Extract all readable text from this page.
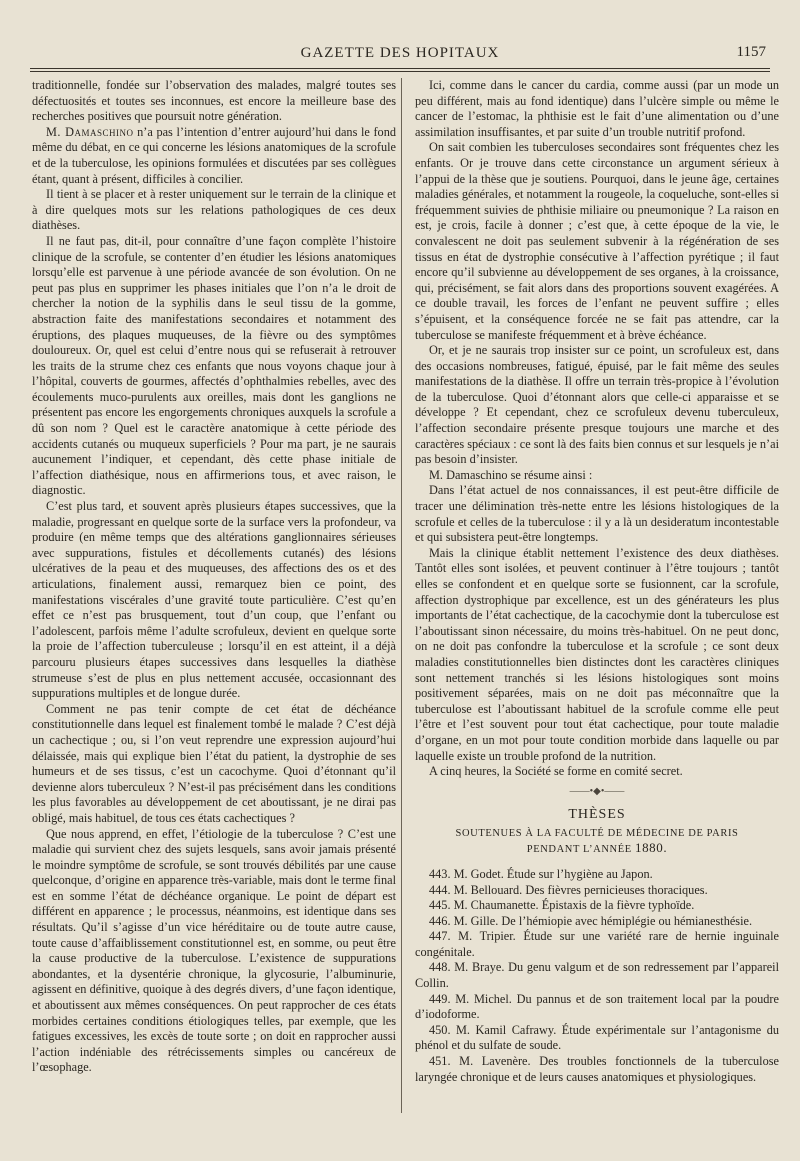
GAZETTE DES HOPITAUX	1157

traditionnelle, fondée sur l’observation des malades, malgré toutes ses défectuosités et toutes ses inconnues, est encore la meilleure base des recherches positives que poursuit notre génération.

M. Damaschino n’a pas l’intention d’entrer aujourd’hui dans le fond même du débat, en ce qui concerne les lésions anatomiques de la scrofule et de la tuberculose, les opinions formulées et discutées par ses collègues étant, quant à présent, difficiles à concilier.

Il tient à se placer et à rester uniquement sur le terrain de la clinique et à dire quelques mots sur les relations pathologiques de ces deux diathèses.

Il ne faut pas, dit-il, pour connaître d’une façon complète l’histoire clinique de la scrofule, se contenter d’en étudier les lésions anatomiques lorsqu’elle est parvenue à une période avancée de son évolution. On ne peut pas plus en supprimer les phases initiales que l’on n’a le droit de chercher la notion de la syphilis dans le seul tissu de la gomme, abstraction faite des manifestations secondaires et notamment des éruptions, des plaques muqueuses, de la fièvre ou des symptômes douloureux. Or, quel est celui d’entre nous qui se refuserait à retrouver les traits de la strume chez ces enfants que nous voyons chaque jour à l’hôpital, couverts de gourmes, affectés d’ophthalmies rebelles, avec des écoulements muco-purulents aux oreilles, mais dont les ganglions ne présentent pas encore les engorgements chroniques auxquels la scrofule a dû son nom ? Quel est le caractère anatomique à cette période des accidents cutanés ou muqueux superficiels ? Pour ma part, je ne saurais aucunement l’indiquer, et cependant, dès cette phase initiale de l’affection diathésique, nous en affirmerions tous, et avec raison, le diagnostic.

C’est plus tard, et souvent après plusieurs étapes successives, que la maladie, progressant en quelque sorte de la surface vers la profondeur, va produire (en même temps que des altérations ganglionnaires sérieuses avec suppurations, fistules et décollements cutanés) des lésions ulcératives de la peau et des muqueuses, des affections des os et des articulations, finalement aussi, remarquez bien ce point, des manifestations viscérales d’une gravité toute particulière. C’est qu’en effet ce n’est pas brusquement, tout d’un coup, que l’enfant ou l’adolescent, parfois même l’adulte scrofuleux, devient en quelque sorte la proie de l’affection tuberculeuse ; lorsqu’il en est atteint, il a déjà parcouru plusieurs étapes successives dans lesquelles la diathèse strumeuse s’est de plus en plus nettement accusée, occasionnant des suppurations multiples et de longue durée.

Comment ne pas tenir compte de cet état de déchéance constitutionnelle dans lequel est finalement tombé le malade ? C’est déjà un cachectique ; ou, si l’on veut reprendre une expression aujourd’hui délaissée, mais qui explique bien l’état du patient, la dystrophie de ses humeurs et de ses tissus, c’est un cacochyme. Quoi d’étonnant qu’il devienne alors tuberculeux ? N’est-il pas précisément dans les conditions les plus favorables au développement de cet aboutissant, je ne dirai pas obligé, mais habituel, de tous ces états cachectiques ?

Que nous apprend, en effet, l’étiologie de la tuberculose ? C’est une maladie qui survient chez des sujets lesquels, sans avoir jamais présenté le moindre symptôme de scrofule, se sont trouvés débilités par une cause quelconque, d’origine en apparence très-variable, mais dont le terme final est en somme l’état de déchéance organique. Le point de départ est différent en apparence ; le processus, néanmoins, est identique dans ses résultats. Qu’il s’agisse d’un vice héréditaire ou de toute autre cause, toute cause d’affaiblissement constitutionnel est, en somme, ou peut être la cause productive de la tuberculose. L’existence de suppurations abondantes, et la dysentérie chronique, la glycosurie, l’albuminurie, agissent en définitive, quoique à des degrés divers, d’une façon identique, et aboutissent aux mêmes conséquences. On peut rapprocher de ces états morbides certaines conditions étiologiques telles, par exemple, que les fatigues excessives, les excès de toute sorte ; on doit en rapprocher aussi l’action indéniable des rétrécissements simples ou cancéreux de l’œsophage.

Ici, comme dans le cancer du cardia, comme aussi (par un mode un peu différent, mais au fond identique) dans l’ulcère simple ou même le cancer de l’estomac, la phthisie est le fait d’une alimentation ou d’une assimilation insuffisantes, et par suite d’un trouble nutritif profond.

On sait combien les tuberculoses secondaires sont fréquentes chez les enfants. Or je trouve dans cette circonstance un argument sérieux à l’appui de la thèse que je soutiens. Pourquoi, dans le jeune âge, certaines maladies générales, et notamment la rougeole, la coqueluche, sont-elles si fréquemment suivies de phthisie miliaire ou pneumonique ? La raison en est, je crois, facile à donner ; c’est que, à cette époque de la vie, le convalescent ne doit pas seulement subvenir à la régénération de ses tissus en état de dystrophie consécutive à l’affection pyrétique ; il faut encore qu’il subvienne au développement de ses organes, à la croissance, qui, précisément, se fait alors dans des proportions souvent exagérées. A ce double travail, les forces de l’enfant ne peuvent suffire ; elles s’épuisent, et la conséquence forcée ne se fait pas attendre, car la tuberculose se manifeste fréquemment et à brève échéance.

Or, et je ne saurais trop insister sur ce point, un scrofuleux est, dans des occasions nombreuses, fatigué, épuisé, par le fait même des seules manifestations de la diathèse. Il offre un terrain très-propice à l’évolution de la tuberculose. Quoi d’étonnant alors que celle-ci apparaisse et se développe ? Et cependant, chez ce scrofuleux devenu tuberculeux, l’affection secondaire présente presque toujours une marche et des caractères spéciaux : ce sont là des faits bien connus et sur lesquels je n’ai pas besoin d’insister.

M. Damaschino se résume ainsi :

Dans l’état actuel de nos connaissances, il est peut-être difficile de tracer une délimination très-nette entre les lésions histologiques de la scrofule et celles de la tuberculose : il y a là un desideratum incontestable et qui subsistera peut-être longtemps.

Mais la clinique établit nettement l’existence des deux diathèses. Tantôt elles sont isolées, et peuvent continuer à l’être toujours ; tantôt elles se confondent et en quelque sorte se fusionnent, car la scrofule, affection dystrophique par excellence, est un des générateurs les plus importants de l’état cachectique, de la cacochymie dont la tuberculose est l’aboutissant sinon nécessaire, du moins très-habituel. On ne peut donc, on ne doit pas confondre la tuberculose et la scrofule ; ce sont deux maladies constitutionnelles bien distinctes dont les caractères cliniques sont nettement tranchés si les lésions histologiques sont moins positivement séparées, mais on ne doit pas méconnaître que la tuberculose est l’aboutissant habituel de la scrofule comme elle peut l’être et l’est souvent pour tout état cachectique, pour toute maladie d’organe, en un mot pour toute condition morbide dans laquelle ou par laquelle existe un trouble profond de la nutrition.

A cinq heures, la Société se forme en comité secret.

——•◆•——
THÈSES
SOUTENUES À LA FACULTÉ DE MÉDECINE DE PARIS
PENDANT L’ANNÉE 1880.

443. M. Godet. Étude sur l’hygiène au Japon.

444. M. Bellouard. Des fièvres pernicieuses thoraciques.

445. M. Chaumanette. Épistaxis de la fièvre typhoïde.

446. M. Gille. De l’hémiopie avec hémiplégie ou hémianesthésie.

447. M. Tripier. Étude sur une variété rare de hernie inguinale congénitale.

448. M. Braye. Du genu valgum et de son redressement par l’appareil Collin.

449. M. Michel. Du pannus et de son traitement local par la poudre d’iodoforme.

450. M. Kamil Cafrawy. Étude expérimentale sur l’antagonisme du phénol et du sulfate de soude.

451. M. Lavenère. Des troubles fonctionnels de la tuberculose laryngée chronique et de leurs causes anatomiques et physiologiques.
